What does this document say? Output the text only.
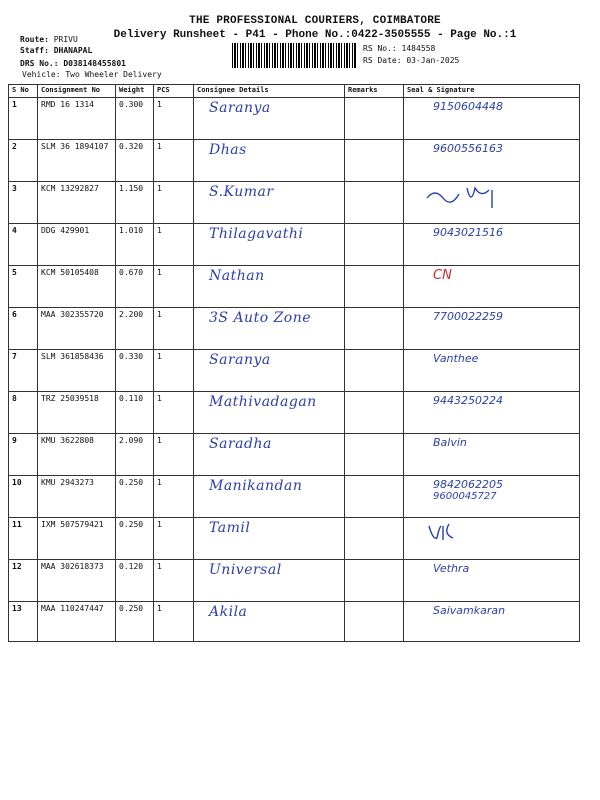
THE PROFESSIONAL COURIERS, COIMBATORE
Delivery Runsheet - P41 - Phone No.:0422-3505555 - Page No.:1
Route: PRIVU
Staff: DHANAPAL
DRS No.: D038148455801
Vehicle: Two Wheeler Delivery
RS No.: 1484558
RS Date: 03-Jan-2025
S No	Consignment No	Weight	PCS	Consignee Details	Remarks	Seal & Signature
1	RMD 16 1314	0.300	1	Saranya		9150604448

2	SLM 36 1894107	0.320	1	Dhas		9600556163

3	KCM 13292827	1.150	1	S.Kumar

4	DDG 429901	1.010	1	Thilagavathi		9043021516

5	KCM 50105408	0.670	1	Nathan		CN

6	MAA 302355720	2.200	1	3S Auto Zone		7700022259

7	SLM 361858436	0.330	1	Saranya		Vanthee

8	TRZ 25039518	0.110	1	Mathivadagan		9443250224

9	KMU 3622808	2.090	1	Saradha		Balvin

10	KMU 2943273	0.250	1	Manikandan		9842062205
9600045727

11	IXM 507579421	0.250	1	Tamil

12	MAA 302618373	0.120	1	Universal		Vethra

13	MAA 110247447	0.250	1	Akila		Saivamkaran
